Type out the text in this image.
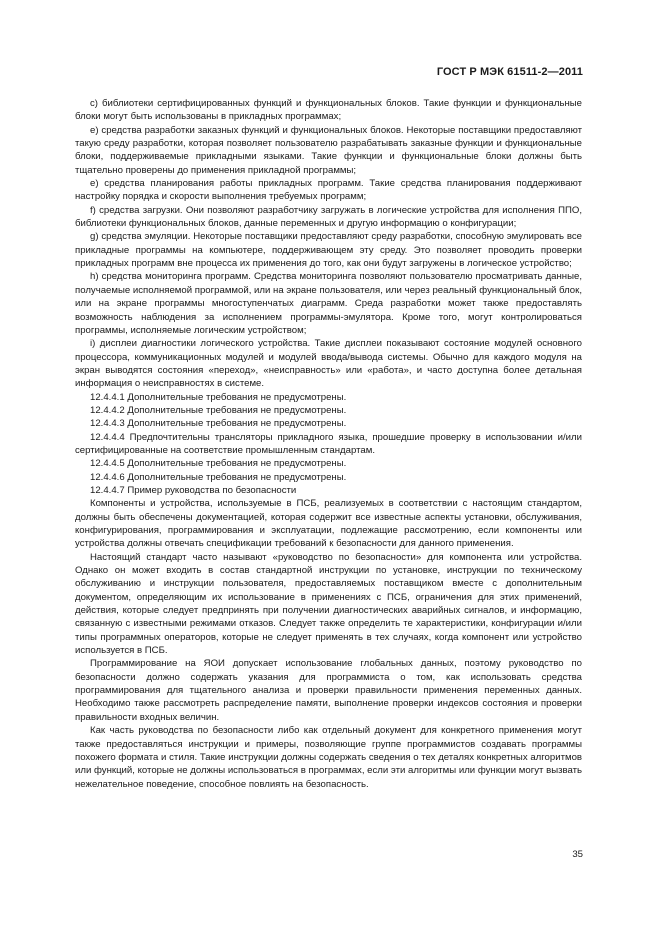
ГОСТ Р МЭК 61511-2—2011

c) библиотеки сертифицированных функций и функциональных блоков. Такие функции и функциональные блоки могут быть использованы в прикладных программах;

e) средства разработки заказных функций и функциональных блоков. Некоторые поставщики предоставляют такую среду разработки, которая позволяет пользователю разрабатывать заказные функции и функциональные блоки, поддерживаемые прикладными языками. Такие функции и функциональные блоки должны быть тщательно проверены до применения прикладной программы;

e) средства планирования работы прикладных программ. Такие средства планирования поддерживают настройку порядка и скорости выполнения требуемых программ;

f) средства загрузки. Они позволяют разработчику загружать в логические устройства для исполнения ППО, библиотеки функциональных блоков, данные переменных и другую информацию о конфигурации;

g) средства эмуляции. Некоторые поставщики предоставляют среду разработки, способную эмулировать все прикладные программы на компьютере, поддерживающем эту среду. Это позволяет проводить проверки прикладных программ вне процесса их применения до того, как они будут загружены в логическое устройство;

h) средства мониторинга программ. Средства мониторинга позволяют пользователю просматривать данные, получаемые исполняемой программой, или на экране пользователя, или через реальный функциональный блок, или на экране программы многоступенчатых диаграмм. Среда разработки может также предоставлять возможность наблюдения за исполнением программы-эмулятора. Кроме того, могут контролироваться программы, исполняемые логическим устройством;

i) дисплеи диагностики логического устройства. Такие дисплеи показывают состояние модулей основного процессора, коммуникационных модулей и модулей ввода/вывода системы. Обычно для каждого модуля на экран выводятся состояния «переход», «неисправность» или «работа», и часто доступна более детальная информация о неисправностях в системе.

12.4.4.1 Дополнительные требования не предусмотрены.

12.4.4.2 Дополнительные требования не предусмотрены.

12.4.4.3 Дополнительные требования не предусмотрены.

12.4.4.4 Предпочтительны трансляторы прикладного языка, прошедшие проверку в использовании и/или сертифицированные на соответствие промышленным стандартам.

12.4.4.5 Дополнительные требования не предусмотрены.

12.4.4.6 Дополнительные требования не предусмотрены.

12.4.4.7 Пример руководства по безопасности

Компоненты и устройства, используемые в ПСБ, реализуемых в соответствии с настоящим стандартом, должны быть обеспечены документацией, которая содержит все известные аспекты установки, обслуживания, конфигурирования, программирования и эксплуатации, подлежащие рассмотрению, если компоненты или устройства должны отвечать спецификации требований к безопасности для данного применения.

Настоящий стандарт часто называют «руководство по безопасности» для компонента или устройства. Однако он может входить в состав стандартной инструкции по установке, инструкции по техническому обслуживанию и инструкции пользователя, предоставляемых поставщиком вместе с дополнительным документом, определяющим их использование в применениях с ПСБ, ограничения для этих применений, действия, которые следует предпринять при получении диагностических аварийных сигналов, и информацию, связанную с известными режимами отказов. Следует также определить те характеристики, конфигурации и/или типы программных операторов, которые не следует применять в тех случаях, когда компонент или устройство используется в ПСБ.

Программирование на ЯОИ допускает использование глобальных данных, поэтому руководство по безопасности должно содержать указания для программиста о том, как использовать средства программирования для тщательного анализа и проверки правильности применения переменных данных. Необходимо также рассмотреть распределение памяти, выполнение проверки индексов состояния и проверки правильности входных величин.

Как часть руководства по безопасности либо как отдельный документ для конкретного применения могут также предоставляться инструкции и примеры, позволяющие группе программистов создавать программы похожего формата и стиля. Такие инструкции должны содержать сведения о тех деталях конкретных алгоритмов или функций, которые не должны использоваться в программах, если эти алгоритмы или функции могут вызвать нежелательное поведение, способное повлиять на безопасность.

35
